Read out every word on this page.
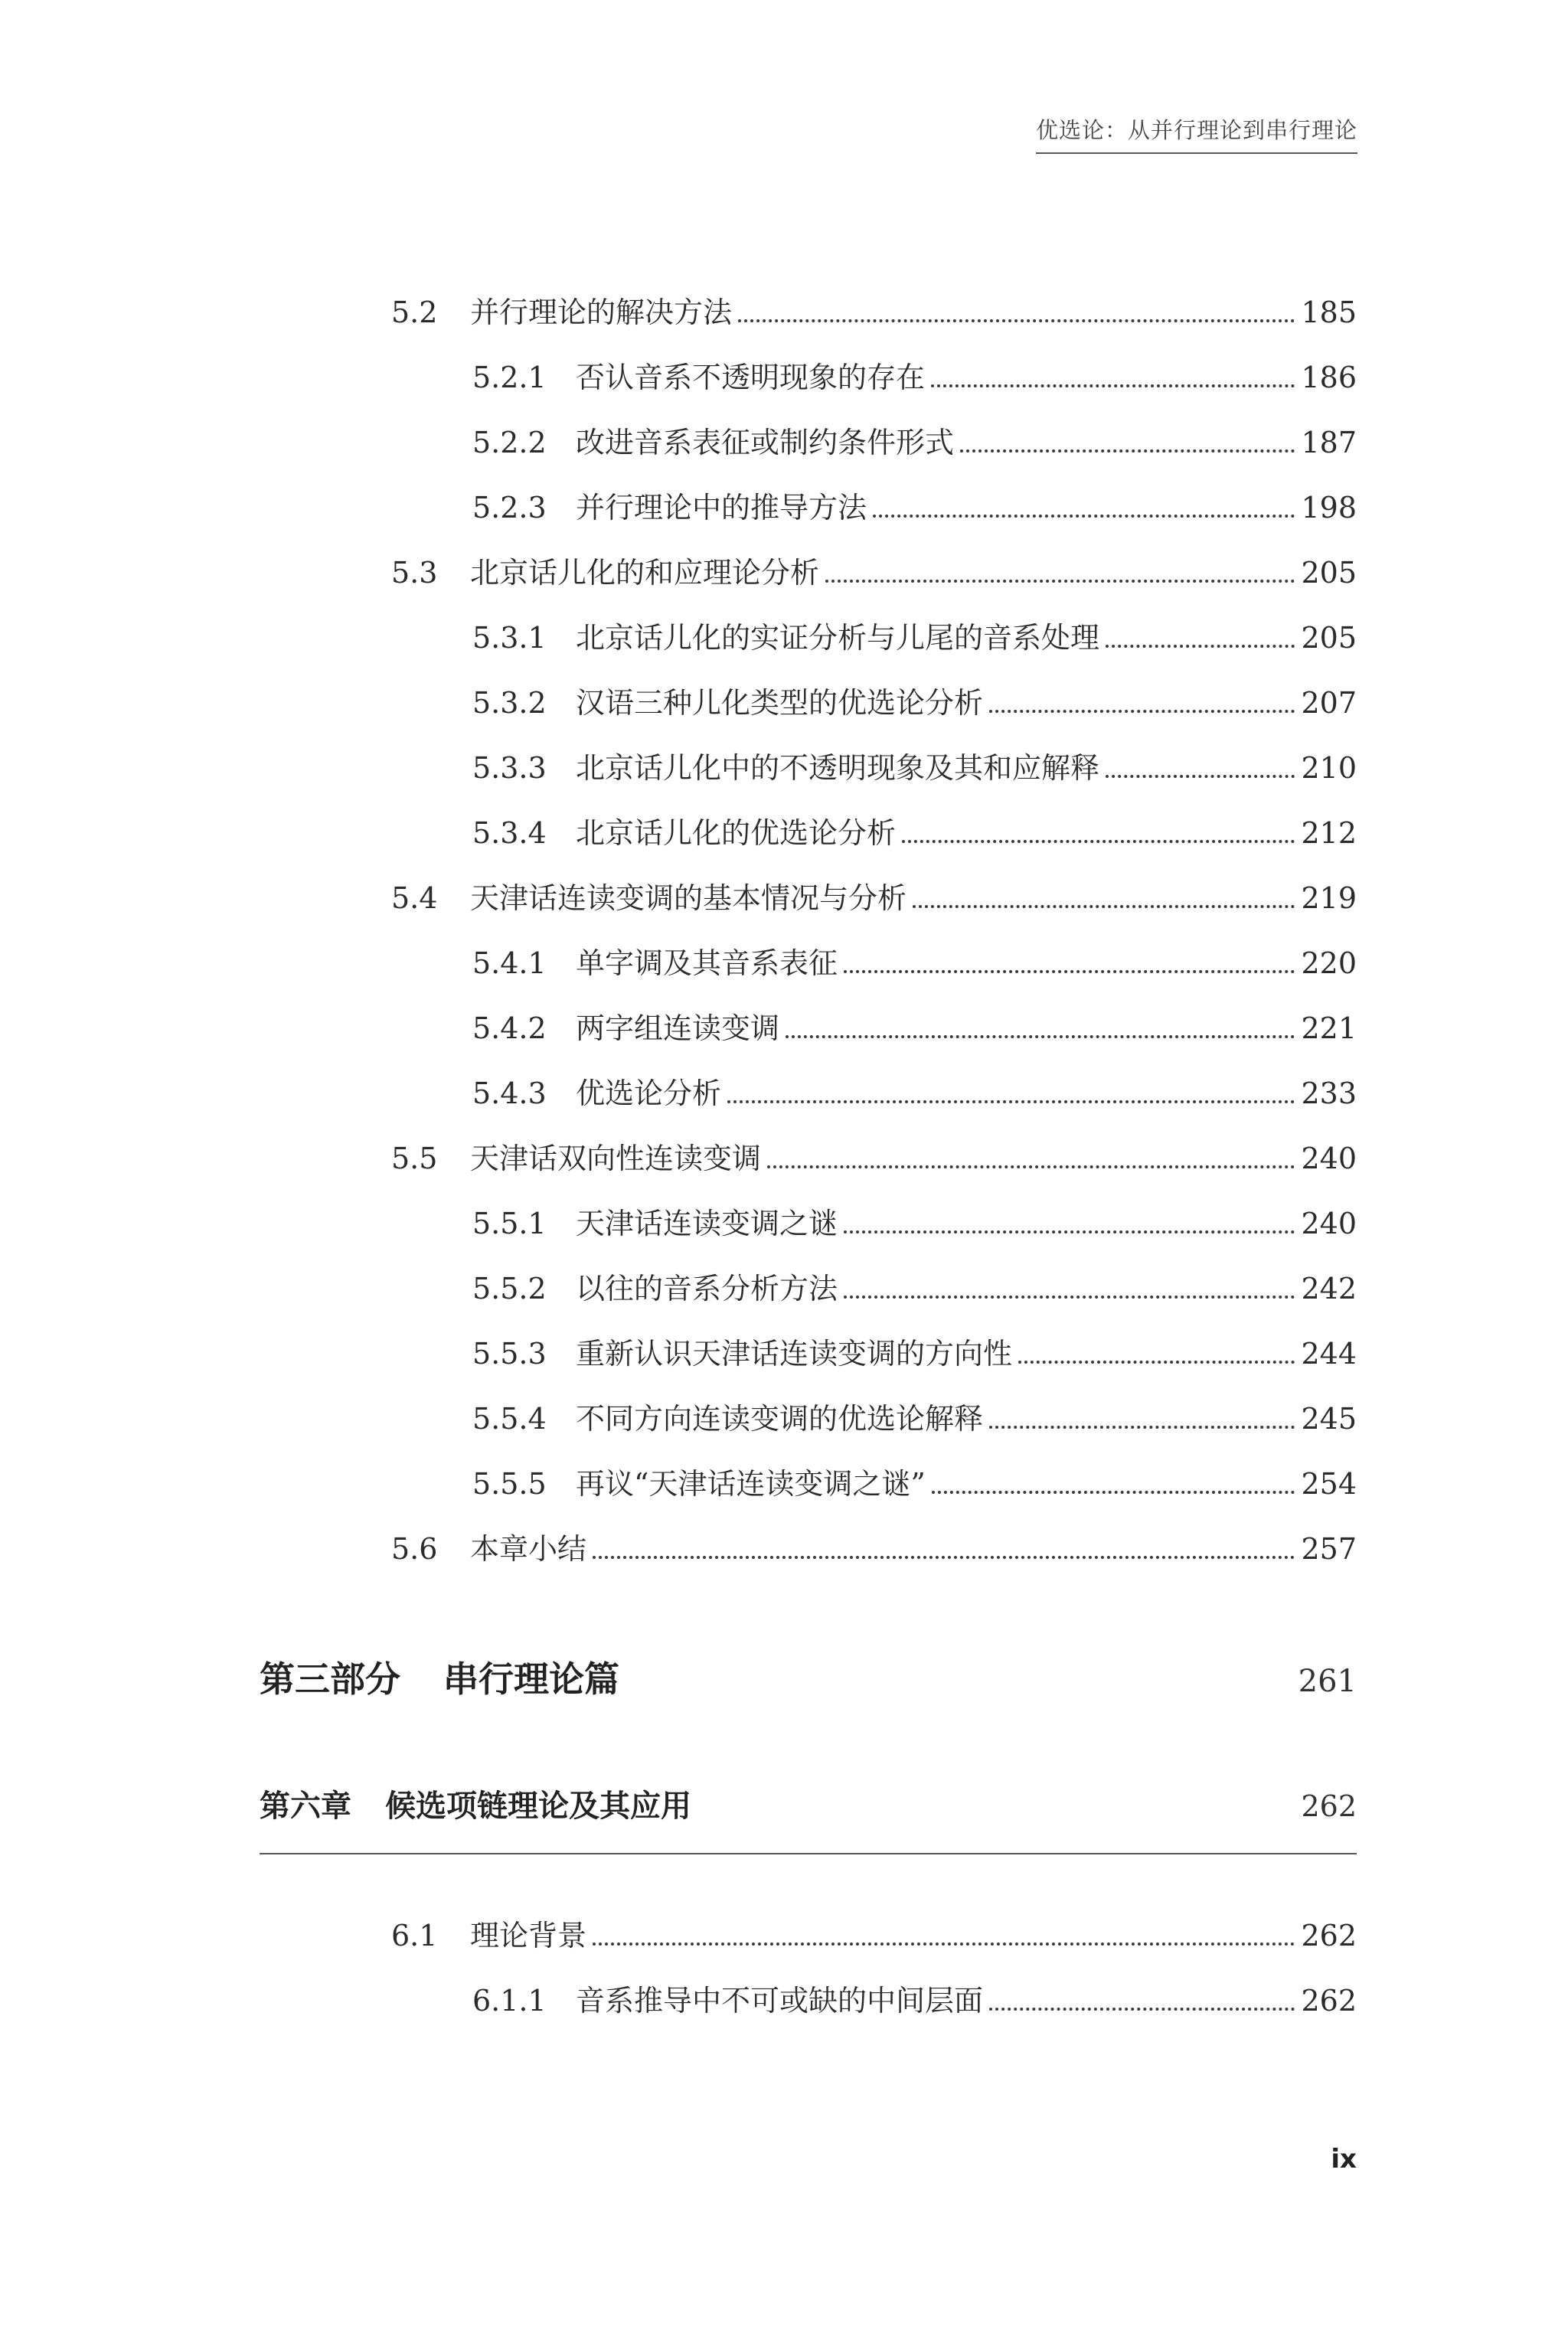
优选论：从并行理论到串行理论
5.2	并行理论的解决方法	185
5.2.1	否认音系不透明现象的存在	186
5.2.2	改进音系表征或制约条件形式	187
5.2.3	并行理论中的推导方法	198
5.3	北京话儿化的和应理论分析	205
5.3.1	北京话儿化的实证分析与儿尾的音系处理	205
5.3.2	汉语三种儿化类型的优选论分析	207
5.3.3	北京话儿化中的不透明现象及其和应解释	210
5.3.4	北京话儿化的优选论分析	212
5.4	天津话连读变调的基本情况与分析	219
5.4.1	单字调及其音系表征	220
5.4.2	两字组连读变调	221
5.4.3	优选论分析	233
5.5	天津话双向性连读变调	240
5.5.1	天津话连读变调之谜	240
5.5.2	以往的音系分析方法	242
5.5.3	重新认识天津话连读变调的方向性	244
5.5.4	不同方向连读变调的优选论解释	245
5.5.5	再议“天津话连读变调之谜”	254
5.6	本章小结	257
第三部分 串行理论篇	261
第六章 候选项链理论及其应用	262
6.1	理论背景	262
6.1.1	音系推导中不可或缺的中间层面	262
ix
